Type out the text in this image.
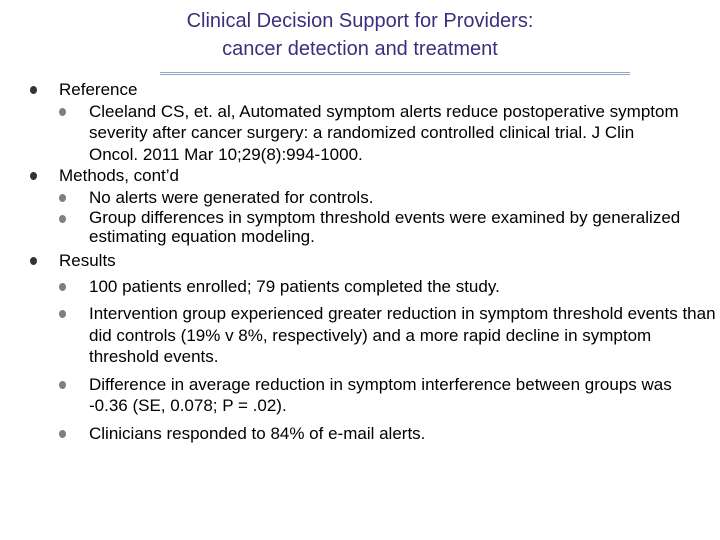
Clinical Decision Support for Providers:
cancer detection and treatment
Reference
Cleeland CS, et. al, Automated symptom alerts reduce postoperative symptom severity after cancer surgery: a randomized controlled clinical trial. J Clin Oncol. 2011 Mar 10;29(8):994-1000.
Methods, cont’d
No alerts were generated for controls.
Group differences in symptom threshold events were examined by generalized estimating equation modeling.
Results
100 patients enrolled; 79 patients completed the study.
Intervention group experienced greater reduction in symptom threshold events than did controls (19% v 8%, respectively) and a more rapid decline in symptom threshold events.
Difference in average reduction in symptom interference between groups was -0.36 (SE, 0.078; P = .02).
Clinicians responded to 84% of e-mail alerts.
